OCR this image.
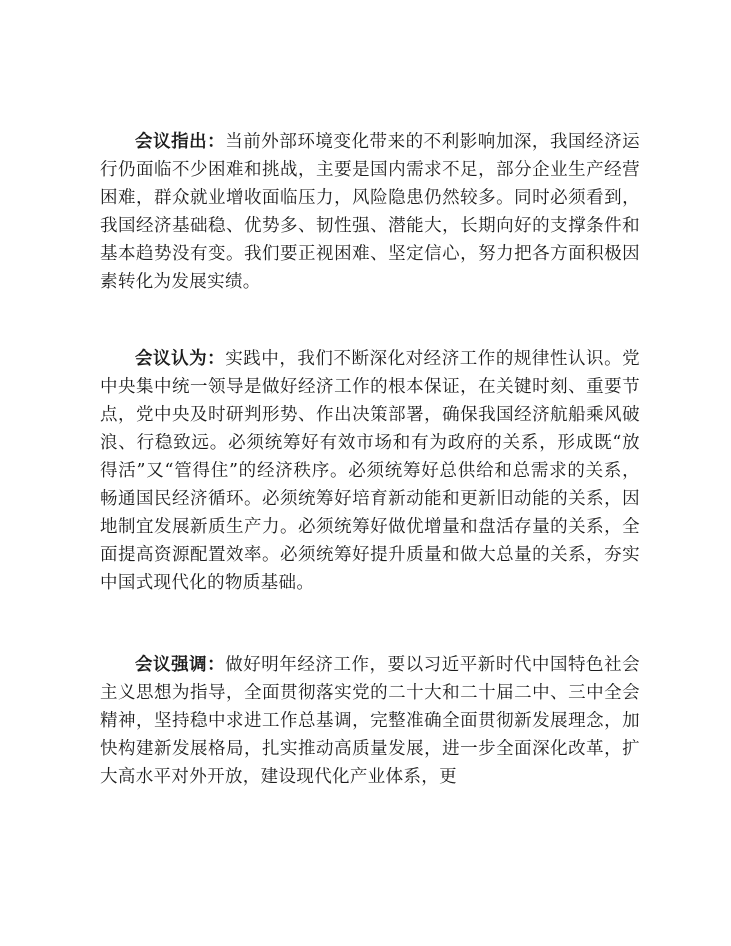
会议指出：当前外部环境变化带来的不利影响加深，我国经济运行仍面临不少困难和挑战，主要是国内需求不足，部分企业生产经营困难，群众就业增收面临压力，风险隐患仍然较多。同时必须看到，我国经济基础稳、优势多、韧性强、潜能大，长期向好的支撑条件和基本趋势没有变。我们要正视困难、坚定信心，努力把各方面积极因素转化为发展实绩。

会议认为：实践中，我们不断深化对经济工作的规律性认识。党中央集中统一领导是做好经济工作的根本保证，在关键时刻、重要节点，党中央及时研判形势、作出决策部署，确保我国经济航船乘风破浪、行稳致远。必须统筹好有效市场和有为政府的关系，形成既“放得活”又“管得住”的经济秩序。必须统筹好总供给和总需求的关系，畅通国民经济循环。必须统筹好培育新动能和更新旧动能的关系，因地制宜发展新质生产力。必须统筹好做优增量和盘活存量的关系，全面提高资源配置效率。必须统筹好提升质量和做大总量的关系，夯实中国式现代化的物质基础。

会议强调：做好明年经济工作，要以习近平新时代中国特色社会主义思想为指导，全面贯彻落实党的二十大和二十届二中、三中全会精神，坚持稳中求进工作总基调，完整准确全面贯彻新发展理念，加快构建新发展格局，扎实推动高质量发展，进一步全面深化改革，扩大高水平对外开放，建设现代化产业体系，更
